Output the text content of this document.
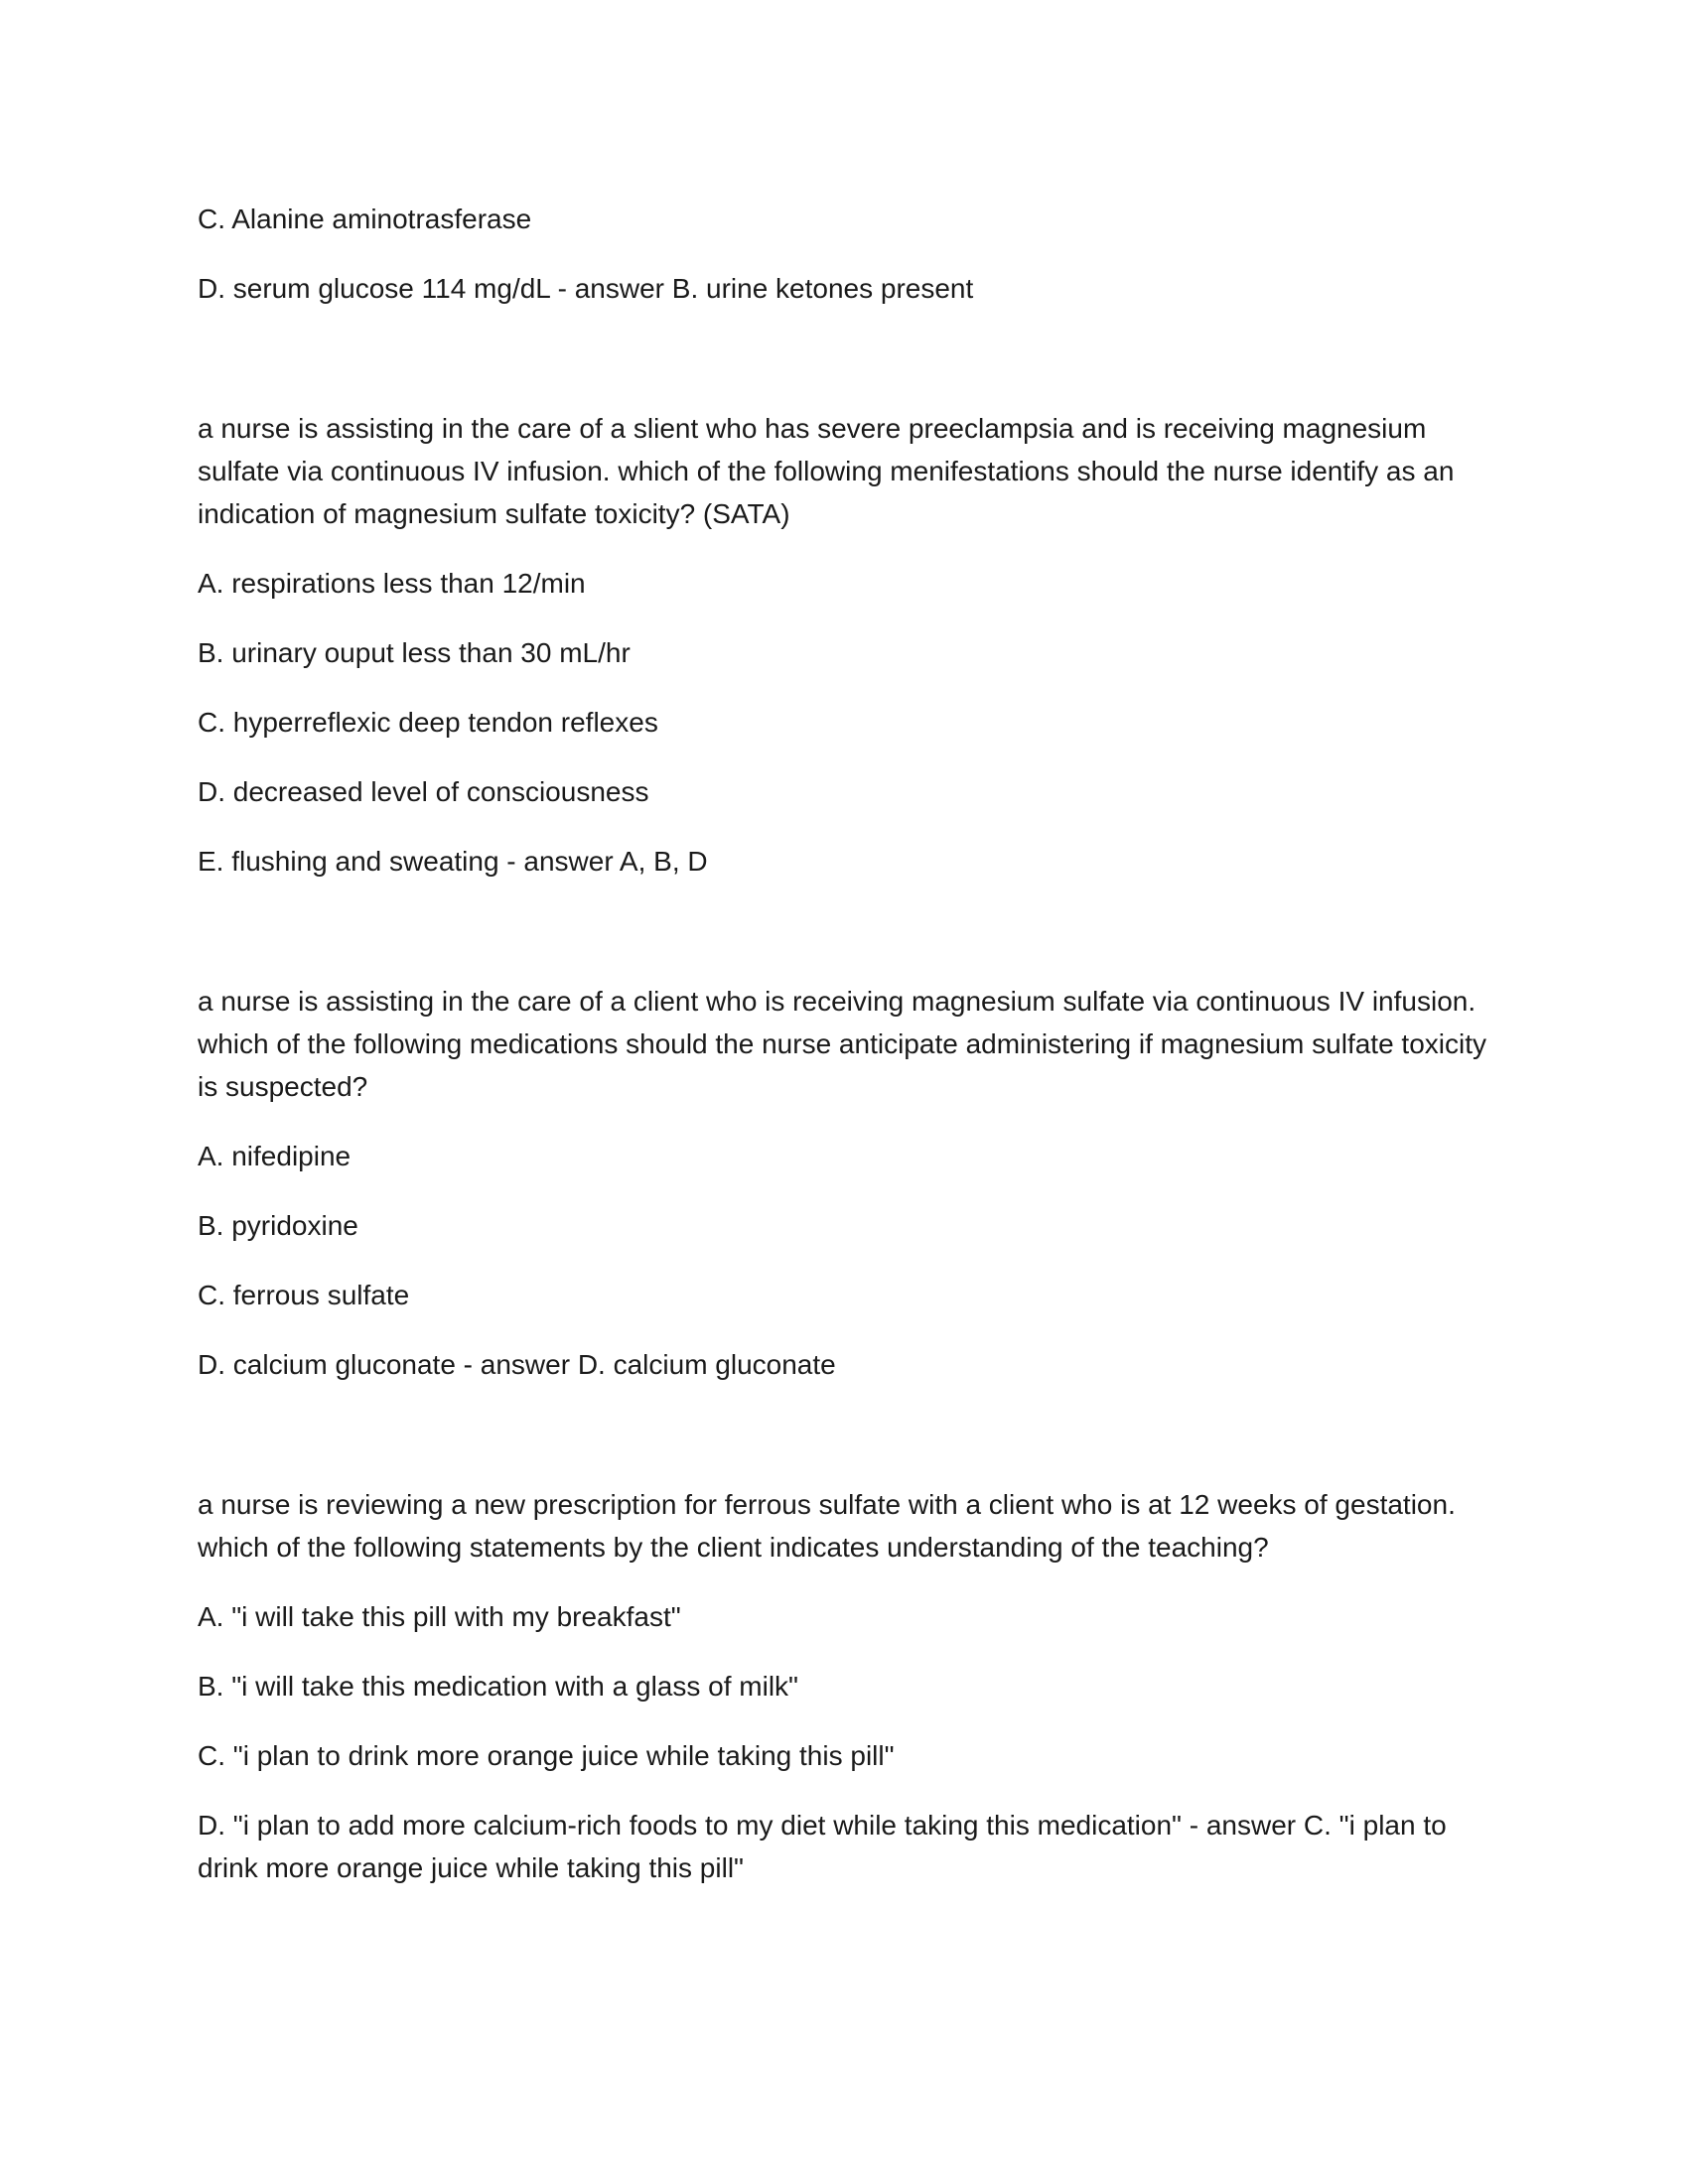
C. Alanine aminotrasferase

D. serum glucose 114 mg/dL - answer B. urine ketones present

a nurse is assisting in the care of a slient who has severe preeclampsia and is receiving magnesium sulfate via continuous IV infusion. which of the following menifestations should the nurse identify as an indication of magnesium sulfate toxicity? (SATA)

A. respirations less than 12/min

B. urinary ouput less than 30 mL/hr

C. hyperreflexic deep tendon reflexes

D. decreased level of consciousness

E. flushing and sweating - answer A, B, D

a nurse is assisting in the care of a client who is receiving magnesium sulfate via continuous IV infusion. which of the following medications should the nurse anticipate administering if magnesium sulfate toxicity is suspected?

A. nifedipine

B. pyridoxine

C. ferrous sulfate

D. calcium gluconate - answer D. calcium gluconate

a nurse is reviewing a new prescription for ferrous sulfate with a client who is at 12 weeks of gestation. which of the following statements by the client indicates understanding of the teaching?

A. "i will take this pill with my breakfast"

B. "i will take this medication with a glass of milk"

C. "i plan to drink more orange juice while taking this pill"

D. "i plan to add more calcium-rich foods to my diet while taking this medication" - answer C. "i plan to drink more orange juice while taking this pill"
